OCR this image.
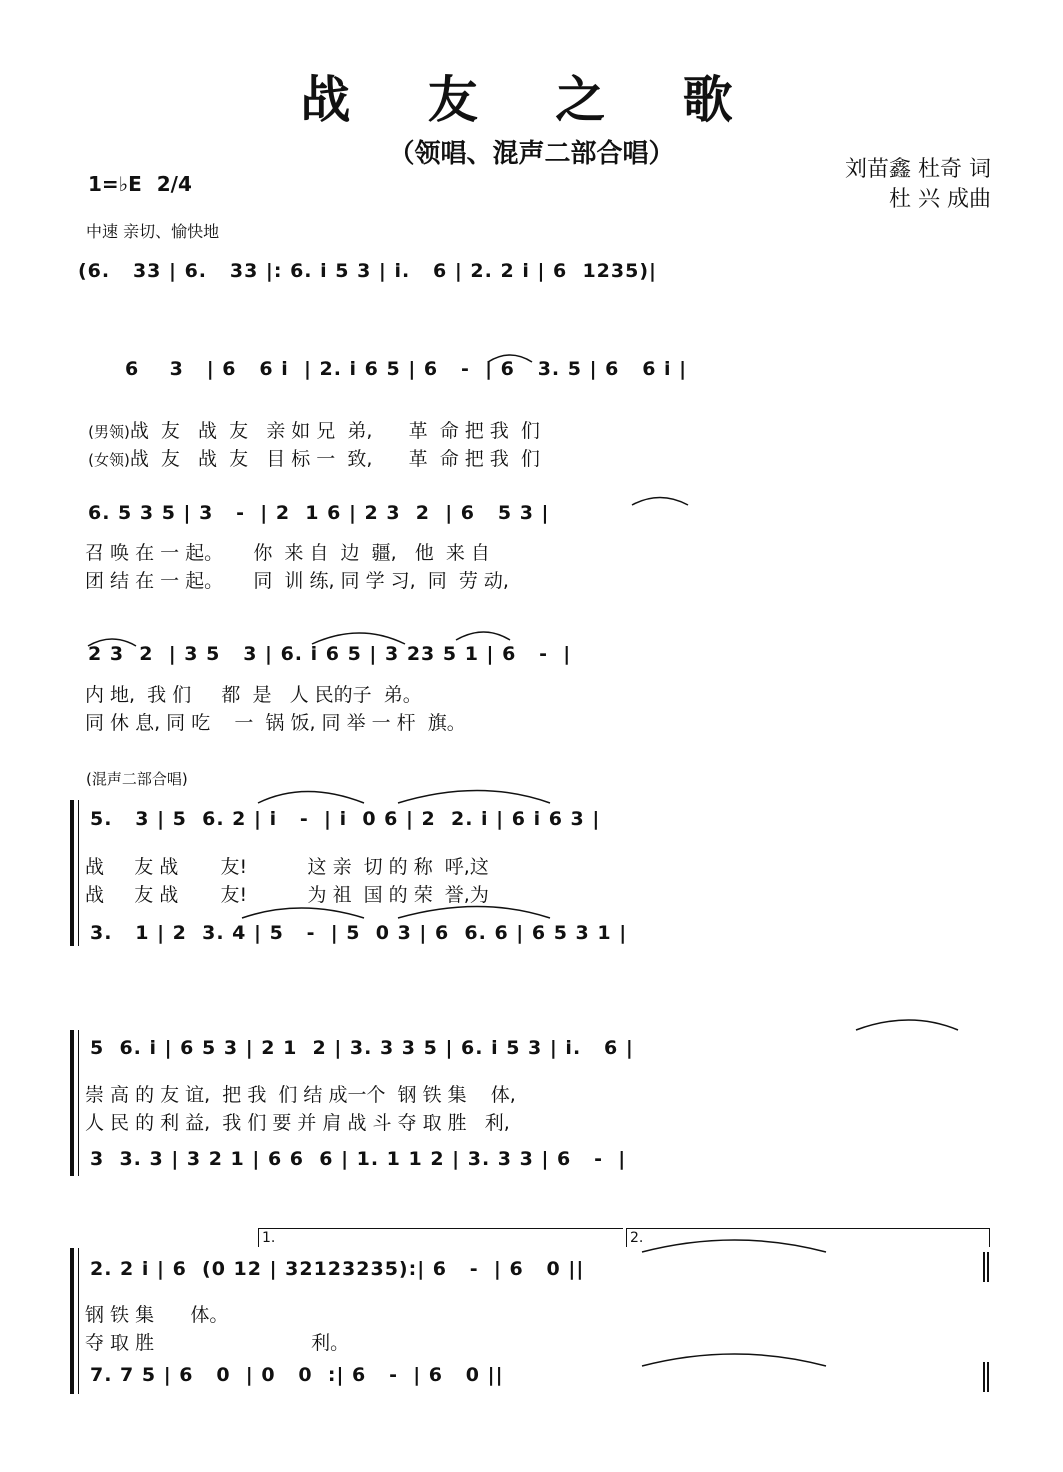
战 友 之 歌
（领唱、混声二部合唱）
刘苗鑫 杜奇 词
杜 兴 成曲
1=♭E 2/4
中速 亲切、愉快地
(6.   33 | 6.   33 |: 6. i 5 3 | i.   6 | 2. 2 i | 6  1235)|
6    3   | 6   6 i  | 2. i 6 5 | 6   -  | 6   3. 5 | 6   6 i |

(男领)战  友   战  友   亲 如 兄  弟,      革  命 把 我  们

(女领)战  友   战  友   目 标 一  致,      革  命 把 我  们

6. 5 3 5 | 3   -  | 2  1 6 | 2 3  2  | 6   5 3 |
召 唤 在 一 起。     你  来 自  边  疆,   他  来 自
团 结 在 一 起。     同  训 练, 同 学 习,  同  劳 动,
2 3  2  | 3 5   3 | 6. i 6 5 | 3 23 5 1 | 6   -  |
内 地,  我 们     都  是   人 民的子  弟。
同 休 息, 同 吃    一  锅 饭, 同 举 一 杆  旗。
(混声二部合唱)
5.   3 | 5  6. 2 | i   -  | i  0 6 | 2  2. i | 6 i 6 3 |
战     友 战       友!          这 亲  切 的 称  呼,这
战     友 战       友!          为 祖  国 的 荣  誉,为
3.   1 | 2  3. 4 | 5   -  | 5  0 3 | 6  6. 6 | 6 5 3 1 |
5  6. i | 6 5 3 | 2 1  2 | 3. 3 3 5 | 6. i 5 3 | i.   6 |
崇 高 的 友 谊,  把 我  们 结 成一个  钢 铁 集    体,
人 民 的 利 益,  我 们 要 并 肩 战 斗 夺 取 胜   利,
3  3. 3 | 3 2 1 | 6 6  6 | 1. 1 1 2 | 3. 3 3 | 6   -  |
1.	2.
2. 2 i | 6  (0 12 | 32123235):| 6   -  | 6   0 ||
钢 铁 集      体。
夺 取 胜                          利。
7. 7 5 | 6   0  | 0   0  :| 6   -  | 6   0 ||
